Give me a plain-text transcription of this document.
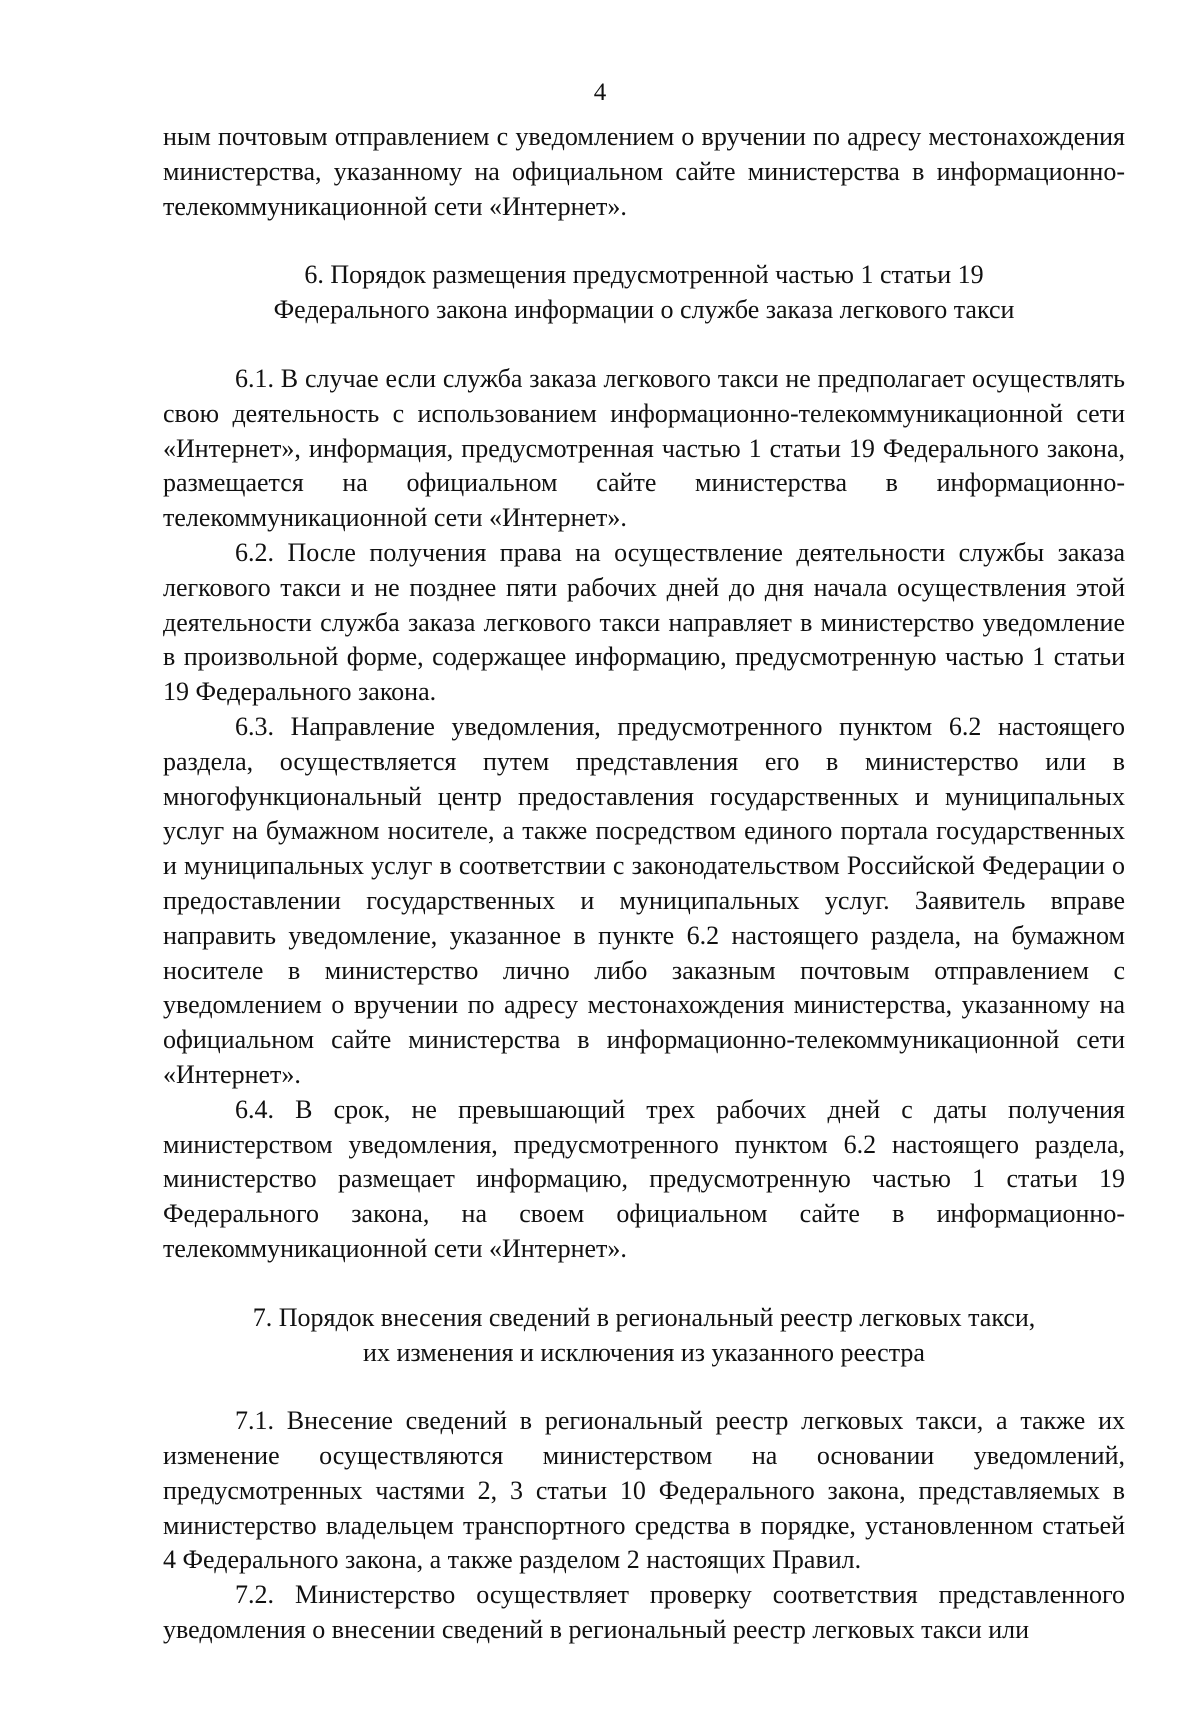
4

ным почтовым отправлением с уведомлением о вручении по адресу местонахождения министерства, указанному на официальном сайте министерства в информационно-телекоммуникационной сети «Интернет».

6. Порядок размещения предусмотренной частью 1 статьи 19
Федерального закона информации о службе заказа легкового такси

6.1. В случае если служба заказа легкового такси не предполагает осуществлять свою деятельность с использованием информационно-телекоммуникационной сети «Интернет», информация, предусмотренная частью 1 статьи 19 Федерального закона, размещается на официальном сайте министерства в информационно-телекоммуникационной сети «Интернет».

6.2. После получения права на осуществление деятельности службы заказа легкового такси и не позднее пяти рабочих дней до дня начала осуществления этой деятельности служба заказа легкового такси направляет в министерство уведомление в произвольной форме, содержащее информацию, предусмотренную частью 1 статьи 19 Федерального закона.

6.3. Направление уведомления, предусмотренного пунктом 6.2 настоящего раздела, осуществляется путем представления его в министерство или в многофункциональный центр предоставления государственных и муниципальных услуг на бумажном носителе, а также посредством единого портала государственных и муниципальных услуг в соответствии с законодательством Российской Федерации о предоставлении государственных и муниципальных услуг. Заявитель вправе направить уведомление, указанное в пункте 6.2 настоящего раздела, на бумажном носителе в министерство лично либо заказным почтовым отправлением с уведомлением о вручении по адресу местонахождения министерства, указанному на официальном сайте министерства в информационно-телекоммуникационной сети «Интернет».

6.4. В срок, не превышающий трех рабочих дней с даты получения министерством уведомления, предусмотренного пунктом 6.2 настоящего раздела, министерство размещает информацию, предусмотренную частью 1 статьи 19 Федерального закона, на своем официальном сайте в информационно-телекоммуникационной сети «Интернет».

7. Порядок внесения сведений в региональный реестр легковых такси,
их изменения и исключения из указанного реестра

7.1. Внесение сведений в региональный реестр легковых такси, а также их изменение осуществляются министерством на основании уведомлений, предусмотренных частями 2, 3 статьи 10 Федерального закона, представляемых в министерство владельцем транспортного средства в порядке, установленном статьей 4 Федерального закона, а также разделом 2 настоящих Правил.

7.2. Министерство осуществляет проверку соответствия представленного уведомления о внесении сведений в региональный реестр легковых такси или
